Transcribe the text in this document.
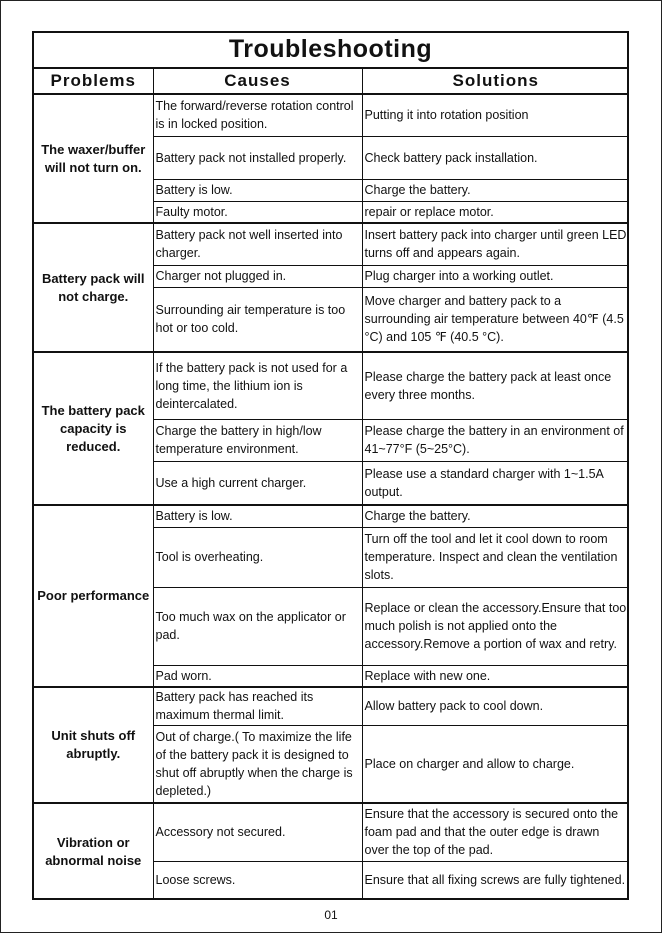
Troubleshooting
Problems	Causes	Solutions
The waxer/buffer will not turn on.	The forward/reverse rotation control is in locked position.	Putting it into rotation position
	Battery pack not installed properly.	Check battery pack installation.
	Battery is low.	Charge the battery.
	Faulty motor.	repair or replace motor.
Battery pack will not charge.	Battery pack not well inserted into charger.	Insert battery pack into charger until green LED turns off and appears again.
	Charger not plugged in.	Plug charger into a working outlet.
	Surrounding air temperature is too hot or too cold.	Move charger and battery pack to a surrounding air temperature between 40℉ (4.5 °C) and 105 ℉ (40.5 °C).
The battery pack capacity is reduced.	If the battery pack is not used for a long time, the lithium ion is deintercalated.	Please charge the battery pack at least once every three months.
	Charge the battery in high/low temperature environment.	Please charge the battery in an environment of 41~77°F (5~25°C).
	Use a high current charger.	Please use a standard charger with 1~1.5A output.
Poor performance	Battery is low.	Charge the battery.
	Tool is overheating.	Turn off the tool and let it cool down to room temperature. Inspect and clean the ventilation slots.
	Too much wax on the applicator or pad.	Replace or clean the accessory.Ensure that too much polish is not applied onto the accessory.Remove a portion of wax and retry.
	Pad worn.	Replace with new one.
Unit shuts off abruptly.	Battery pack has reached its maximum thermal limit.	Allow battery pack to cool down.
	Out of charge.( To maximize the life of the battery pack it is designed to shut off abruptly when the charge is depleted.)	Place on charger and allow to charge.
Vibration or abnormal noise	Accessory not secured.	Ensure that the accessory is secured onto the foam pad and that the outer edge is drawn over the top of the pad.
	Loose screws.	Ensure that all fixing screws are fully tightened.
01
